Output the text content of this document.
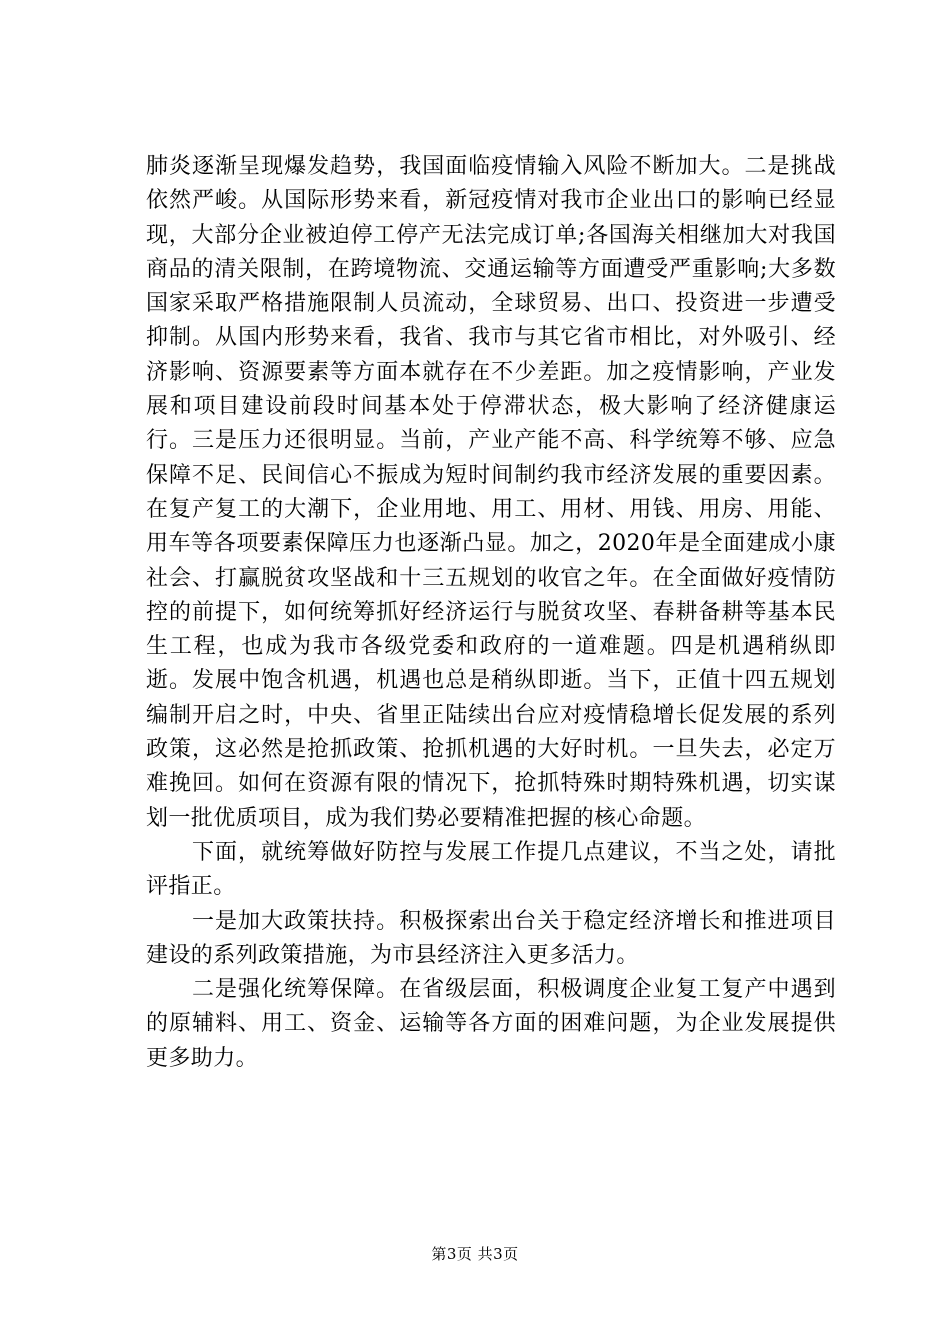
肺炎逐渐呈现爆发趋势，我国面临疫情输入风险不断加大。二是挑战依然严峻。从国际形势来看，新冠疫情对我市企业出口的影响已经显现，大部分企业被迫停工停产无法完成订单;各国海关相继加大对我国商品的清关限制，在跨境物流、交通运输等方面遭受严重影响;大多数国家采取严格措施限制人员流动，全球贸易、出口、投资进一步遭受抑制。从国内形势来看，我省、我市与其它省市相比，对外吸引、经济影响、资源要素等方面本就存在不少差距。加之疫情影响，产业发展和项目建设前段时间基本处于停滞状态，极大影响了经济健康运行。三是压力还很明显。当前，产业产能不高、科学统筹不够、应急保障不足、民间信心不振成为短时间制约我市经济发展的重要因素。在复产复工的大潮下，企业用地、用工、用材、用钱、用房、用能、用车等各项要素保障压力也逐渐凸显。加之，2020年是全面建成小康社会、打赢脱贫攻坚战和十三五规划的收官之年。在全面做好疫情防控的前提下，如何统筹抓好经济运行与脱贫攻坚、春耕备耕等基本民生工程，也成为我市各级党委和政府的一道难题。四是机遇稍纵即逝。发展中饱含机遇，机遇也总是稍纵即逝。当下，正值十四五规划编制开启之时，中央、省里正陆续出台应对疫情稳增长促发展的系列政策，这必然是抢抓政策、抢抓机遇的大好时机。一旦失去，必定万难挽回。如何在资源有限的情况下，抢抓特殊时期特殊机遇，切实谋划一批优质项目，成为我们势必要精准把握的核心命题。

下面，就统筹做好防控与发展工作提几点建议，不当之处，请批评指正。

一是加大政策扶持。积极探索出台关于稳定经济增长和推进项目建设的系列政策措施，为市县经济注入更多活力。

二是强化统筹保障。在省级层面，积极调度企业复工复产中遇到的原辅料、用工、资金、运输等各方面的困难问题，为企业发展提供更多助力。

第3页 共3页
